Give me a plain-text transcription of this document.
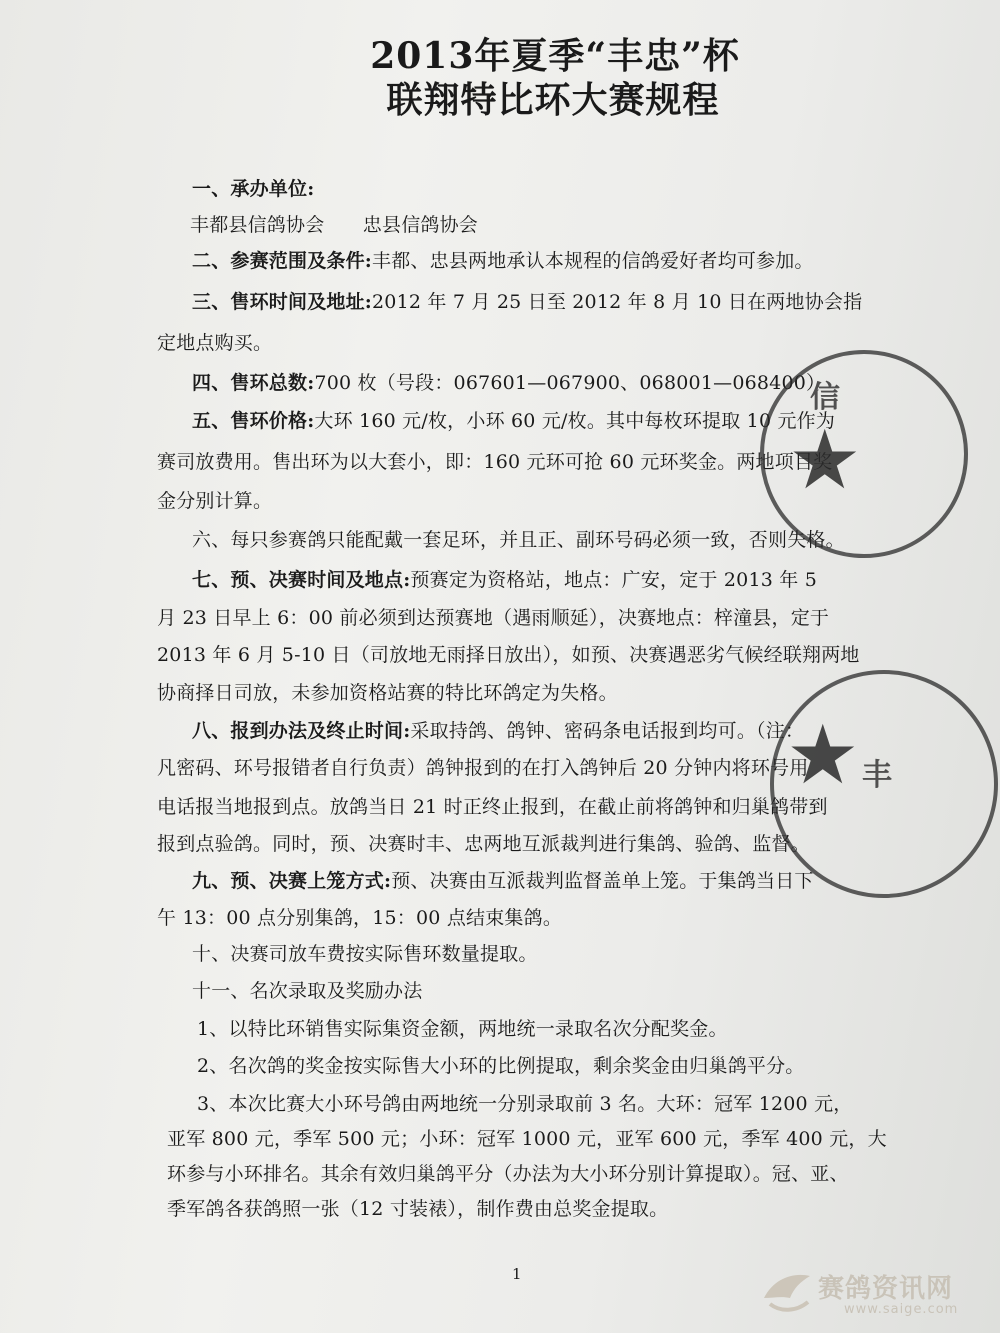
2013年夏季“丰忠”杯
联翔特比环大赛规程
一、承办单位:
丰都县信鸽协会　　忠县信鸽协会
二、参赛范围及条件:丰都、忠县两地承认本规程的信鸽爱好者均可参加。
三、售环时间及地址:2012 年 7 月 25 日至 2012 年 8 月 10 日在两地协会指
定地点购买。
四、售环总数:700 枚（号段：067601—067900、068001—068400）
五、售环价格:大环 160 元/枚，小环 60 元/枚。其中每枚环提取 10 元作为
赛司放费用。售出环为以大套小，即：160 元环可抢 60 元环奖金。两地项目奖
金分别计算。
六、每只参赛鸽只能配戴一套足环，并且正、副环号码必须一致，否则失格。
七、预、决赛时间及地点:预赛定为资格站，地点：广安，定于 2013 年 5
月 23 日早上 6：00 前必须到达预赛地（遇雨顺延），决赛地点：梓潼县，定于
2013 年 6 月 5-10 日（司放地无雨择日放出），如预、决赛遇恶劣气候经联翔两地
协商择日司放，未参加资格站赛的特比环鸽定为失格。
八、报到办法及终止时间:采取持鸽、鸽钟、密码条电话报到均可。（注：
凡密码、环号报错者自行负责）鸽钟报到的在打入鸽钟后 20 分钟内将环号用
电话报当地报到点。放鸽当日 21 时正终止报到，在截止前将鸽钟和归巢鸽带到
报到点验鸽。同时，预、决赛时丰、忠两地互派裁判进行集鸽、验鸽、监督。
九、预、决赛上笼方式:预、决赛由互派裁判监督盖单上笼。于集鸽当日下
午 13：00 点分别集鸽，15：00 点结束集鸽。
十、决赛司放车费按实际售环数量提取。
十一、名次录取及奖励办法
1、以特比环销售实际集资金额，两地统一录取名次分配奖金。
2、名次鸽的奖金按实际售大小环的比例提取，剩余奖金由归巢鸽平分。
3、本次比赛大小环号鸽由两地统一分别录取前 3 名。大环：冠军 1200 元，
亚军 800 元，季军 500 元；小环：冠军 1000 元，亚军 600 元，季军 400 元，大
环参与小环排名。其余有效归巢鸽平分（办法为大小环分别计算提取）。冠、亚、
季军鸽各获鸽照一张（12 寸装裱），制作费由总奖金提取。
★
信
★ 丰
1	赛鸽资讯网
www.saige.com
